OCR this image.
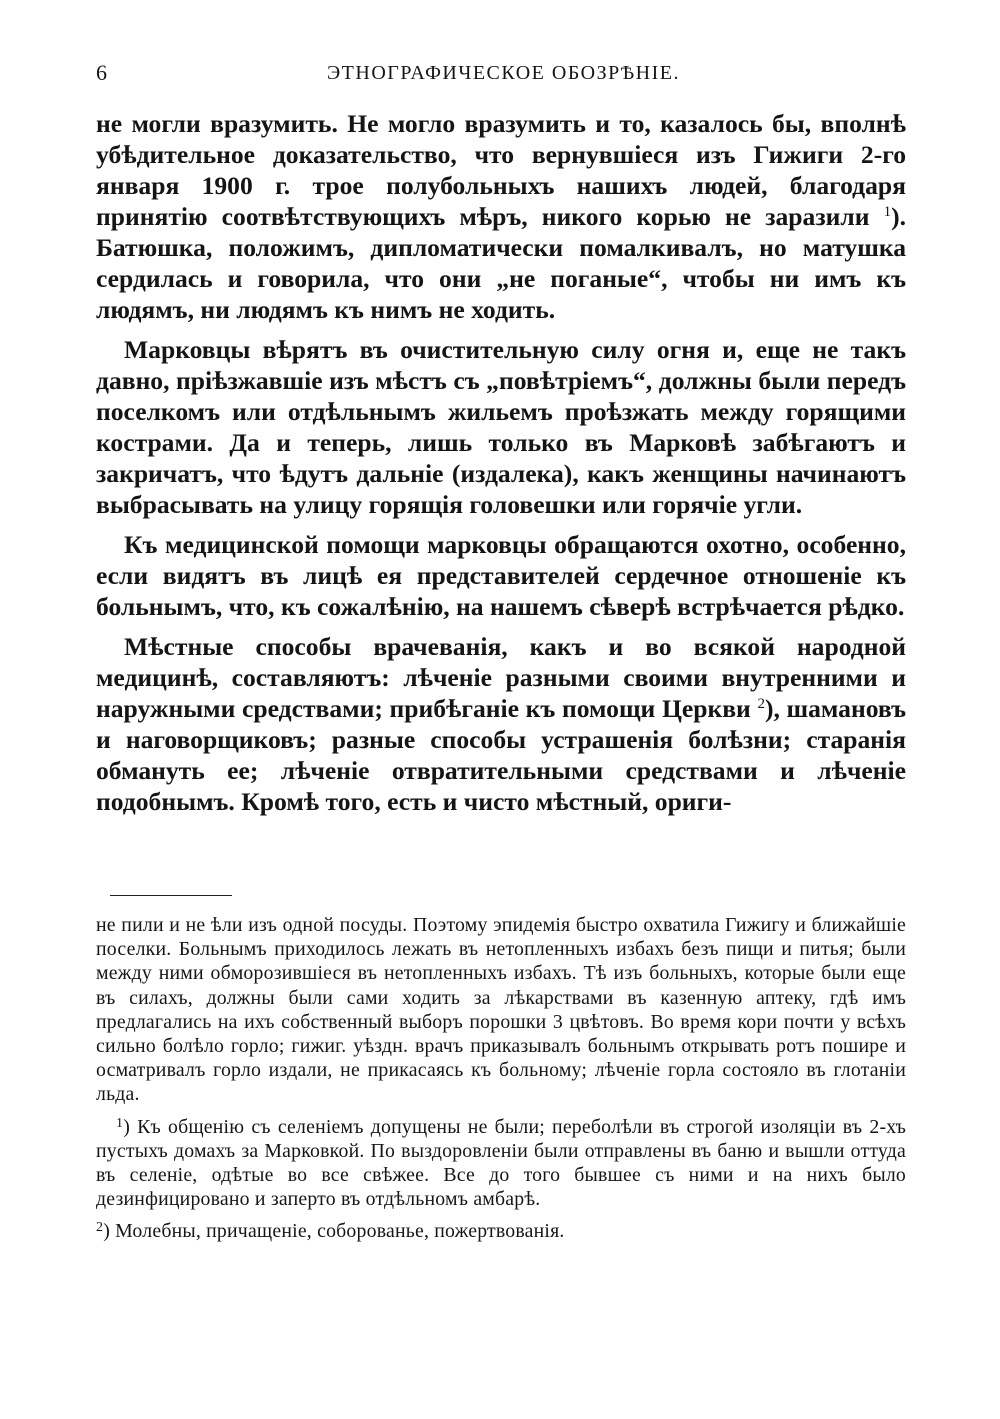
6	ЭТНОГРАФИЧЕСКОЕ ОБОЗРѢНІЕ.

не могли вразумить. Не могло вразумить и то, казалось бы, вполнѣ убѣдительное доказательство, что вернувшіеся изъ Гижиги 2-го января 1900 г. трое полубольныхъ нашихъ людей, благодаря принятію соотвѣтствующихъ мѣръ, никого корью не заразили $^1$). Батюшка, положимъ, дипломатически помалкивалъ, но матушка сердилась и говорила, что они „не поганые“, чтобы ни имъ къ людямъ, ни людямъ къ нимъ не ходить.

Марковцы вѣрятъ въ очистительную силу огня и, еще не такъ давно, пріѣзжавшіе изъ мѣстъ съ „повѣтріемъ“, должны были передъ поселкомъ или отдѣльнымъ жильемъ проѣзжать между горящими кострами. Да и теперь, лишь только въ Марковѣ забѣгаютъ и закричатъ, что ѣдутъ дальніе (издалека), какъ женщины начинаютъ выбрасывать на улицу горящія головешки или горячіе угли.

Къ медицинской помощи марковцы обращаются охотно, особенно, если видятъ въ лицѣ ея представителей сердечное отношеніе къ больнымъ, что, къ сожалѣнію, на нашемъ сѣверѣ встрѣчается рѣдко.

Мѣстные способы врачеванія, какъ и во всякой народной медицинѣ, составляютъ: лѣченіе разными своими внутренними и наружными средствами; прибѣганіе къ помощи Церкви $^2$), шамановъ и наговорщиковъ; разные способы устрашенія болѣзни; старанія обмануть ее; лѣченіе отвратительными средствами и лѣченіе подобнымъ. Кромѣ того, есть и чисто мѣстный, ориги-

не пили и не ѣли изъ одной посуды. Поэтому эпидемія быстро охватила Гижигу и ближайшіе поселки. Больнымъ приходилось лежать въ нетопленныхъ избахъ безъ пищи и питья; были между ними обморозившіеся въ нетопленныхъ избахъ. Тѣ изъ больныхъ, которые были еще въ силахъ, должны были сами ходить за лѣкарствами въ казенную аптеку, гдѣ имъ предлагались на ихъ собственный выборъ порошки 3 цвѣтовъ. Во время кори почти у всѣхъ сильно болѣло горло; гижиг. уѣздн. врачъ приказывалъ больнымъ открывать ротъ пошире и осматривалъ горло издали, не прикасаясь къ больному; лѣченіе горла состояло въ глотаніи льда.

$^1$) Къ общенію съ селеніемъ допущены не были; переболѣли въ строгой изоляціи въ 2-хъ пустыхъ домахъ за Марковкой. По выздоровленіи были отправлены въ баню и вышли оттуда въ селеніе, одѣтые во все свѣжее. Все до того бывшее съ ними и на нихъ было дезинфицировано и заперто въ отдѣльномъ амбарѣ.

$^2$) Молебны, причащеніе, соборованье, пожертвованія.
